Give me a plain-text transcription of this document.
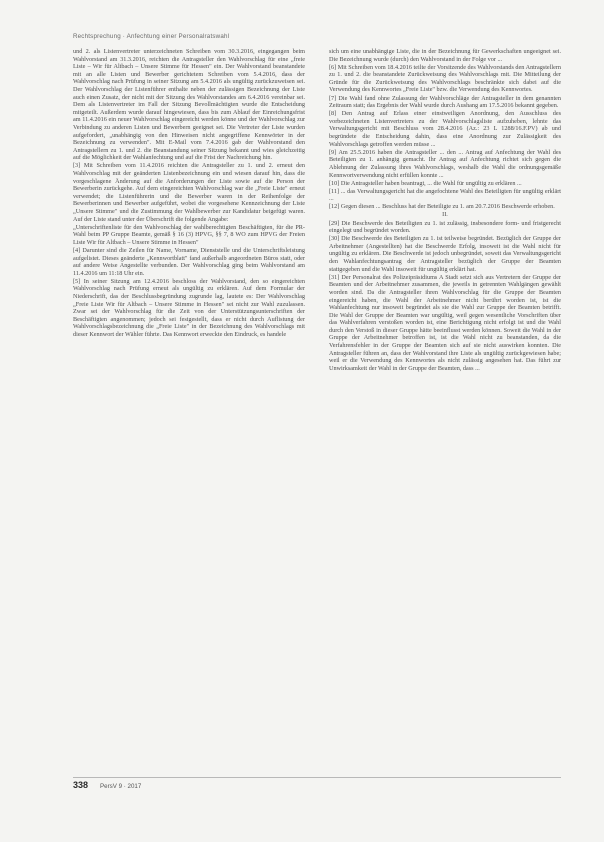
Rechtsprechung · Anfechtung einer Personalratswahl

und 2. als Listenvertreter unterzeichneten Schreiben vom 30.3.2016, eingegangen beim Wahlvorstand am 31.3.2016, reichten die Antragsteller den Wahlvorschlag für eine „freie Liste – Wir für Altbach – Unsere Stimme für Hessen" ein. Der Wahlvorstand beanstandete mit an alle Listen und Bewerber gerichtetem Schreiben vom 5.4.2016, dass der Wahlvorschlag nach Prüfung in seiner Sitzung am 5.4.2016 als ungültig zurückzuweisen sei. Der Wahlvorschlag der Listenführer enthalte neben der zulässigen Bezeichnung der Liste auch einen Zusatz, der nicht mit der Sitzung des Wahlvorstandes am 6.4.2016 vereinbar sei. Dem als Listenvertreter im Fall der Sitzung Bevollmächtigten wurde die Entscheidung mitgeteilt. Außerdem wurde darauf hingewiesen, dass bis zum Ablauf der Einreichungsfrist am 11.4.2016 ein neuer Wahlvorschlag eingereicht werden könne und der Wahlvorschlag zur Verbindung zu anderen Listen und Bewerbern geeignet sei. Die Vertreter der Liste wurden aufgefordert, „unabhängig von den Hinweisen nicht angegriffene Kennwörter in der Bezeichnung zu verwenden". Mit E-Mail vom 7.4.2016 gab der Wahlvorstand den Antragstellern zu 1. und 2. die Beanstandung seiner Sitzung bekannt und wies gleichzeitig auf die Möglichkeit der Wahlanfechtung und auf die Frist der Nachreichung hin.

[3] Mit Schreiben vom 11.4.2016 reichten die Antragsteller zu 1. und 2. erneut den Wahlvorschlag mit der geänderten Listenbezeichnung ein und wiesen darauf hin, dass die vorgeschlagene Änderung auf die Anforderungen der Liste sowie auf die Person der Bewerberin zurückgehe. Auf dem eingereichten Wahlvorschlag war die „Freie Liste" erneut verwendet; die Listenführerin und die Bewerber waren in der Reihenfolge der Bewerberinnen und Bewerber aufgeführt, wobei die vorgesehene Kennzeichnung der Liste „Unsere Stimme" und die Zustimmung der Wahlbewerber zur Kandidatur beigefügt waren. Auf der Liste stand unter der Überschrift die folgende Angabe:

„Unterschriftenliste für den Wahlvorschlag der wahlberechtigten Beschäftigten, für die PR-Wahl beim PP Gruppe Beamte, gemäß § 16 (3) HPVG, §§ 7, 8 WO zum HPVG der Freien Liste Wir für Altbach – Unsere Stimme in Hessen"

[4] Darunter sind die Zeilen für Name, Vorname, Dienststelle und die Unterschriftsleistung aufgelistet. Dieses geänderte „Kennwortblatt" fand außerhalb angeordneten Büros statt, oder auf andere Weise Angestellte verbunden. Der Wahlvorschlag ging beim Wahlvorstand am 11.4.2016 um 11:18 Uhr ein.

[5] In seiner Sitzung am 12.4.2016 beschloss der Wahlvorstand, den so eingereichten Wahlvorschlag nach Prüfung erneut als ungültig zu erklären. Auf dem Formular der Niederschrift, das der Beschlussbegründung zugrunde lag, lautete es: Der Wahlvorschlag „Freie Liste Wir für Altbach – Unsere Stimme in Hessen" sei nicht zur Wahl zuzulassen. Zwar sei der Wahlvorschlag für die Zeit von der Unterstützungsunterschriften der Beschäftigten angenommen; jedoch sei festgestellt, dass er nicht durch Auflistung der Wahlvorschlagsbezeichnung die „Freie Liste" in der Bezeichnung des Wahlvorschlags mit dieser Kennwort der Wähler führte. Das Kennwort erweckte den Eindruck, es handele

sich um eine unabhängige Liste, die in der Bezeichnung für Gewerkschaften ungeeignet sei. Die Bezeichnung wurde (durch) den Wahlvorstand in der Folge vor ...

[6] Mit Schreiben vom 18.4.2016 teilte der Vorsitzende des Wahlvorstands den Antragstellern zu 1. und 2. die beanstandete Zurückweisung des Wahlvorschlags mit. Die Mitteilung der Gründe für die Zurückweisung des Wahlvorschlags beschränkte sich dabei auf die Verwendung des Kennwortes „Freie Liste" bzw. die Verwendung des Kennwortes.

[7] Die Wahl fand ohne Zulassung der Wahlvorschläge der Antragsteller in dem genannten Zeitraum statt; das Ergebnis der Wahl wurde durch Aushang am 17.5.2016 bekannt gegeben.

[8] Den Antrag auf Erlass einer einstweiligen Anordnung, den Ausschluss des vorbezeichneten Listenvertreters zu der Wahlvorschlagsliste aufzuheben, lehnte das Verwaltungsgericht mit Beschluss vom 28.4.2016 (Az.: 23 L 1288/16.F.PV) ab und begründete die Entscheidung dahin, dass eine Anordnung zur Zulässigkeit des Wahlvorschlags getroffen werden müsse ...

[9] Am 25.5.2016 haben die Antragsteller ... den ... Antrag auf Anfechtung der Wahl des Beteiligten zu 1. anhängig gemacht. Ihr Antrag auf Anfechtung richtet sich gegen die Ablehnung der Zulassung ihres Wahlvorschlags, weshalb die Wahl die ordnungsgemäße Kennwortverwendung nicht erfüllen konnte ...

[10] Die Antragsteller haben beantragt, ... die Wahl für ungültig zu erklären ...

[11] ... das Verwaltungsgericht hat die angefochtene Wahl des Beteiligten für ungültig erklärt ...

[12] Gegen diesen ... Beschluss hat der Beteiligte zu 1. am 20.7.2016 Beschwerde erhoben.

II.

[29] Die Beschwerde des Beteiligten zu 1. ist zulässig, insbesondere form- und fristgerecht eingelegt und begründet worden.

[30] Die Beschwerde des Beteiligten zu 1. ist teilweise begründet. Bezüglich der Gruppe der Arbeitnehmer (Angestellten) hat die Beschwerde Erfolg, insoweit ist die Wahl nicht für ungültig zu erklären. Die Beschwerde ist jedoch unbegründet, soweit das Verwaltungsgericht den Wahlanfechtungsantrag der Antragsteller bezüglich der Gruppe der Beamten stattgegeben und die Wahl insoweit für ungültig erklärt hat.

[31] Der Personalrat des Polizeipräsidiums A Stadt setzt sich aus Vertretern der Gruppe der Beamten und der Arbeitnehmer zusammen, die jeweils in getrennten Wahlgängen gewählt worden sind. Da die Antragsteller ihren Wahlvorschlag für die Gruppe der Beamten eingereicht haben, die Wahl der Arbeitnehmer nicht berührt worden ist, ist die Wahlanfechtung nur insoweit begründet als sie die Wahl zur Gruppe der Beamten betrifft. Die Wahl der Gruppe der Beamten war ungültig, weil gegen wesentliche Vorschriften über das Wahlverfahren verstoßen worden ist, eine Berichtigung nicht erfolgt ist und die Wahl durch den Verstoß in dieser Gruppe hätte beeinflusst werden können. Soweit die Wahl in der Gruppe der Arbeitnehmer betroffen ist, ist die Wahl nicht zu beanstanden, da die Verfahrensfehler in der Gruppe der Beamten sich auf sie nicht auswirken konnten. Die Antragsteller führen an, dass der Wahlvorstand ihre Liste als ungültig zurückgewiesen habe; weil er die Verwendung des Kennwortes als nicht zulässig angesehen hat. Das führt zur Unwirksamkeit der Wahl in der Gruppe der Beamten, dass ...

338 PersV 9 · 2017
